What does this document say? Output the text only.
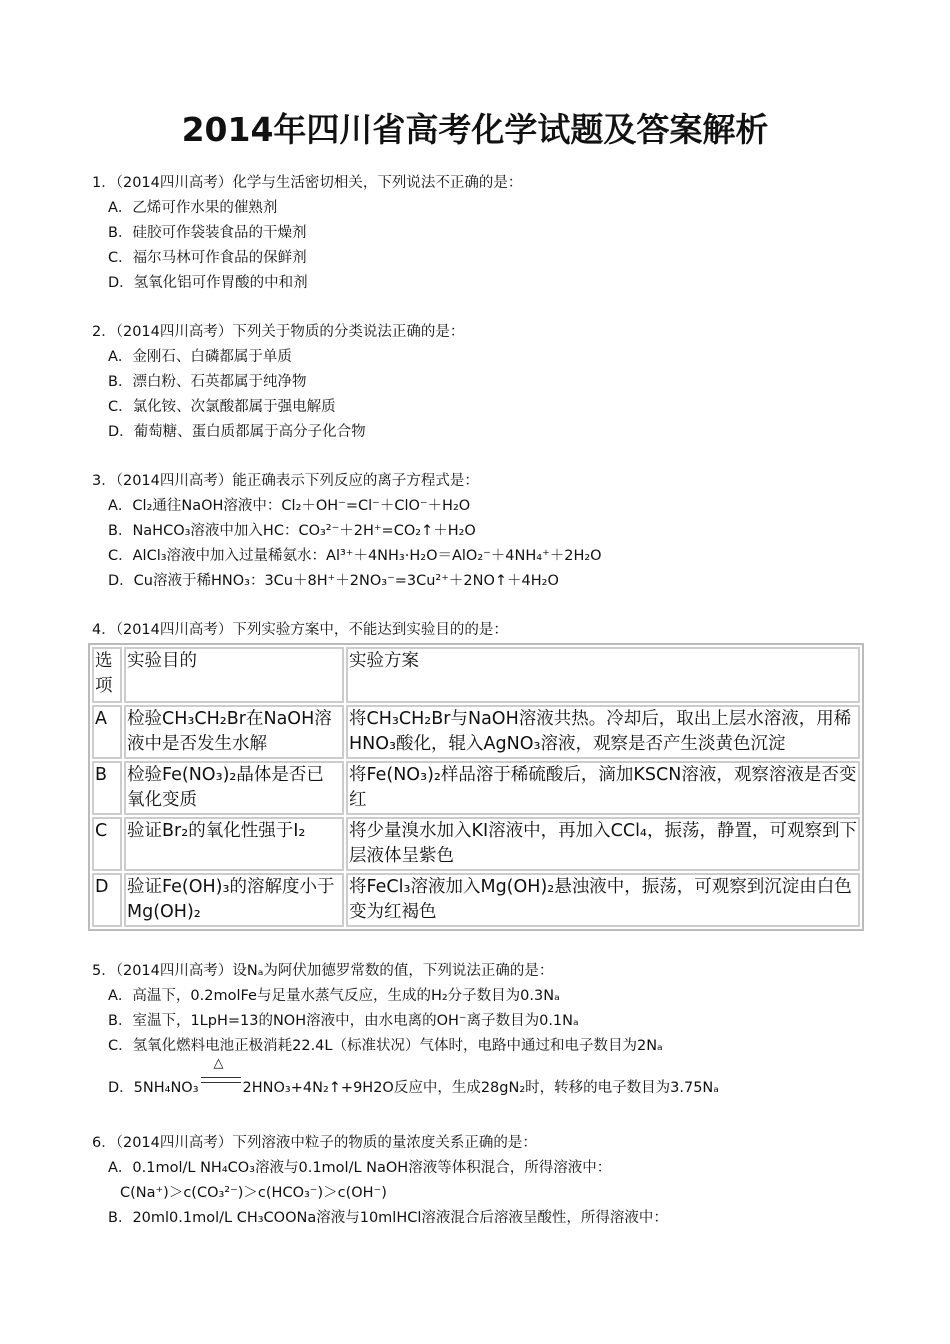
2014年四川省高考化学试题及答案解析
1．（2014四川高考）化学与生活密切相关，下列说法不正确的是：
A．乙烯可作水果的催熟剂
B．硅胶可作袋装食品的干燥剂
C．福尔马林可作食品的保鲜剂
D．氢氧化铝可作胃酸的中和剂
2．（2014四川高考）下列关于物质的分类说法正确的是：
A．金刚石、白磷都属于单质
B．漂白粉、石英都属于纯净物
C．氯化铵、次氯酸都属于强电解质
D．葡萄糖、蛋白质都属于高分子化合物
3．（2014四川高考）能正确表示下列反应的离子方程式是：
A．Cl₂通往NaOH溶液中：Cl₂＋OH⁻=Cl⁻＋ClO⁻＋H₂O
B．NaHCO₃溶液中加入HC：CO₃²⁻＋2H⁺=CO₂↑＋H₂O
C．AlCl₃溶液中加入过量稀氨水：Al³⁺＋4NH₃·H₂O＝AlO₂⁻＋4NH₄⁺＋2H₂O
D．Cu溶液于稀HNO₃：3Cu＋8H⁺＋2NO₃⁻=3Cu²⁺＋2NO↑＋4H₂O
4．（2014四川高考）下列实验方案中，不能达到实验目的的是：
选项	实验目的	实验方案
A	检验CH₃CH₂Br在NaOH溶液中是否发生水解	将CH₃CH₂Br与NaOH溶液共热。冷却后，取出上层水溶液，用稀HNO₃酸化，辊入AgNO₃溶液，观察是否产生淡黄色沉淀
B	检验Fe(NO₃)₂晶体是否已氧化变质	将Fe(NO₃)₂样品溶于稀硫酸后，滴加KSCN溶液，观察溶液是否变红
C	验证Br₂的氧化性强于I₂	将少量溴水加入KI溶液中，再加入CCl₄，振荡，静置，可观察到下层液体呈紫色
D	验证Fe(OH)₃的溶解度小于Mg(OH)₂	将FeCl₃溶液加入Mg(OH)₂悬浊液中，振荡，可观察到沉淀由白色变为红褐色
5．（2014四川高考）设Nₐ为阿伏加德罗常数的值，下列说法正确的是：
A．高温下，0.2molFe与足量水蒸气反应，生成的H₂分子数目为0.3Nₐ
B．室温下，1LpH=13的NOH溶液中，由水电离的OH⁻离子数目为0.1Nₐ
C．氢氧化燃料电池正极消耗22.4L（标准状况）气体时，电路中通过和电子数目为2Nₐ
D．5NH₄NO₃
△
2HNO₃+4N₂↑+9H2O反应中，生成28gN₂时，转移的电子数目为3.75Nₐ
6．（2014四川高考）下列溶液中粒子的物质的量浓度关系正确的是：
A．0.1mol/L NH₄CO₃溶液与0.1mol/L NaOH溶液等体积混合，所得溶液中：
C(Na⁺)＞c(CO₃²⁻)＞c(HCO₃⁻)＞c(OH⁻)
B．20ml0.1mol/L CH₃COONa溶液与10mlHCl溶液混合后溶液呈酸性，所得溶液中：
